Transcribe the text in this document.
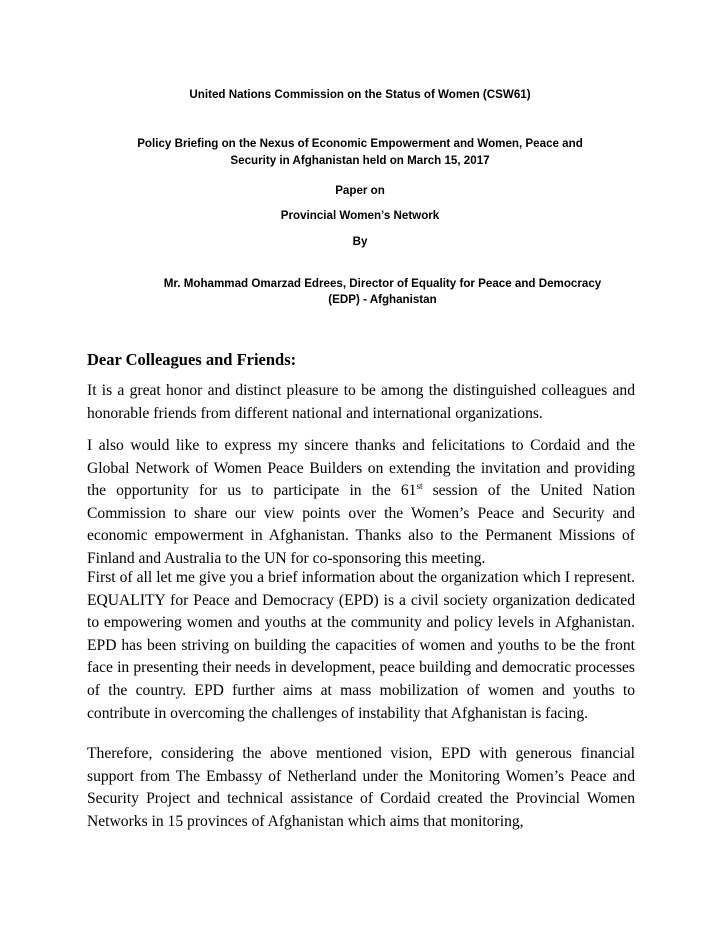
United Nations Commission on the Status of Women (CSW61)

Policy Briefing on the Nexus of Economic Empowerment and Women, Peace and

Security in Afghanistan held on March 15, 2017

Paper on

Provincial Women’s Network

By

Mr. Mohammad Omarzad Edrees, Director of Equality for Peace and Democracy

(EDP) - Afghanistan

Dear Colleagues and Friends:

It is a great honor and distinct pleasure to be among the distinguished colleagues and honorable friends from different national and international organizations.

I also would like to express my sincere thanks and felicitations to Cordaid and the Global Network of Women Peace Builders on extending the invitation and providing the opportunity for us to participate in the 61st session of the United Nation Commission to share our view points over the Women’s Peace and Security and economic empowerment in Afghanistan. Thanks also to the Permanent Missions of Finland and Australia to the UN for co-sponsoring this meeting.

First of all let me give you a brief information about the organization which I represent. EQUALITY for Peace and Democracy (EPD) is a civil society organization dedicated to empowering women and youths at the community and policy levels in Afghanistan. EPD has been striving on building the capacities of women and youths to be the front face in presenting their needs in development, peace building and democratic processes of the country. EPD further aims at mass mobilization of women and youths to contribute in overcoming the challenges of instability that Afghanistan is facing.

Therefore, considering the above mentioned vision, EPD with generous financial support from The Embassy of Netherland under the Monitoring Women’s Peace and Security Project and technical assistance of Cordaid created the Provincial Women Networks in 15 provinces of Afghanistan which aims that monitoring,
